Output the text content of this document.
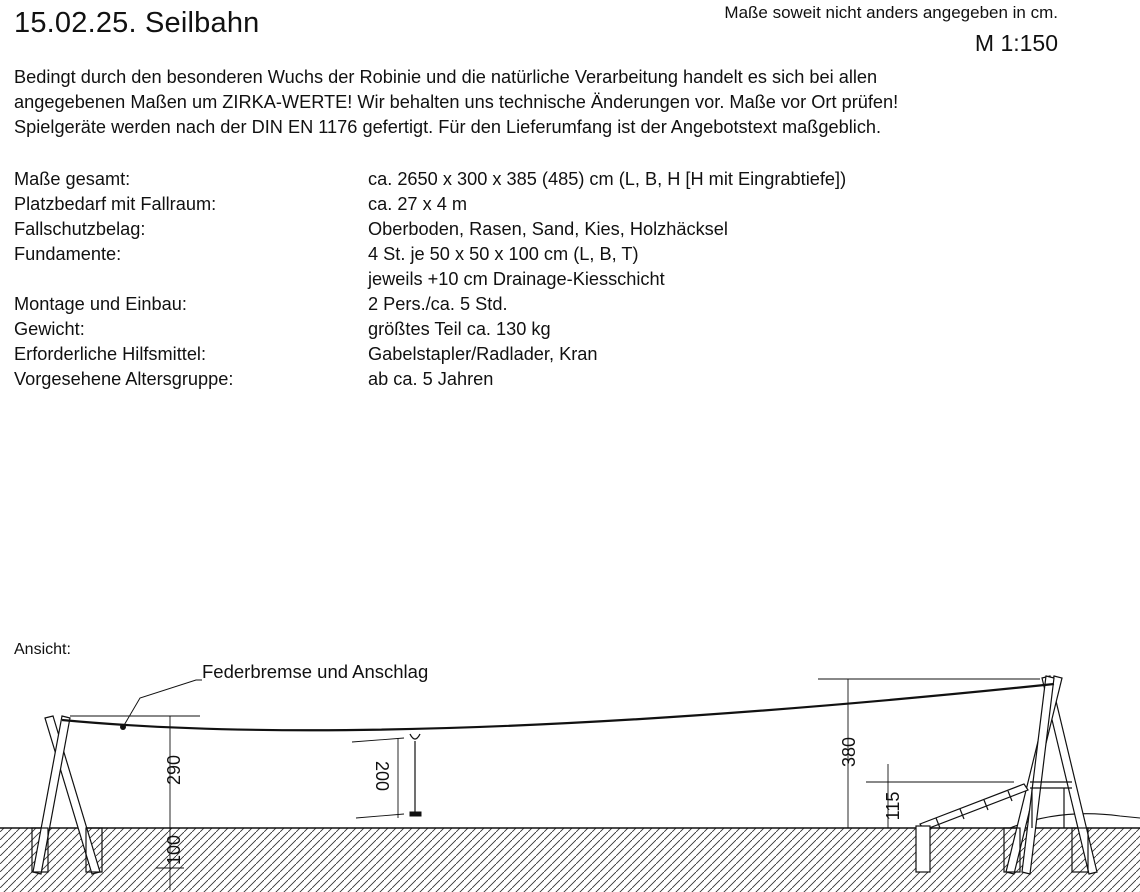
15.02.25. Seilbahn	Maße soweit nicht anders angegeben in cm.
M 1:150

Bedingt durch den besonderen Wuchs der Robinie und die natürliche Verarbeitung handelt es sich bei allen

angegebenen Maßen um ZIRKA-WERTE! Wir behalten uns technische Änderungen vor. Maße vor Ort prüfen!

Spielgeräte werden nach der DIN EN 1176 gefertigt. Für den Lieferumfang ist der Angebotstext maßgeblich.

Maße gesamt:	ca. 2650 x 300 x 385 (485) cm (L, B, H [H mit Eingrabtiefe])
Platzbedarf mit Fallraum:	ca. 27 x 4 m
Fallschutzbelag:	Oberboden, Rasen, Sand, Kies, Holzhäcksel
Fundamente:	4 St. je 50 x 50 x 100 cm (L, B, T)
jeweils +10 cm Drainage-Kiesschicht
Montage und Einbau:	2 Pers./ca. 5 Std.
Gewicht:	größtes Teil ca. 130 kg
Erforderliche Hilfsmittel:	Gabelstapler/Radlader, Kran
Vorgesehene Altersgruppe:	ab ca. 5 Jahren
Ansicht:
Federbremse und Anschlag
290
100
200
380
115
